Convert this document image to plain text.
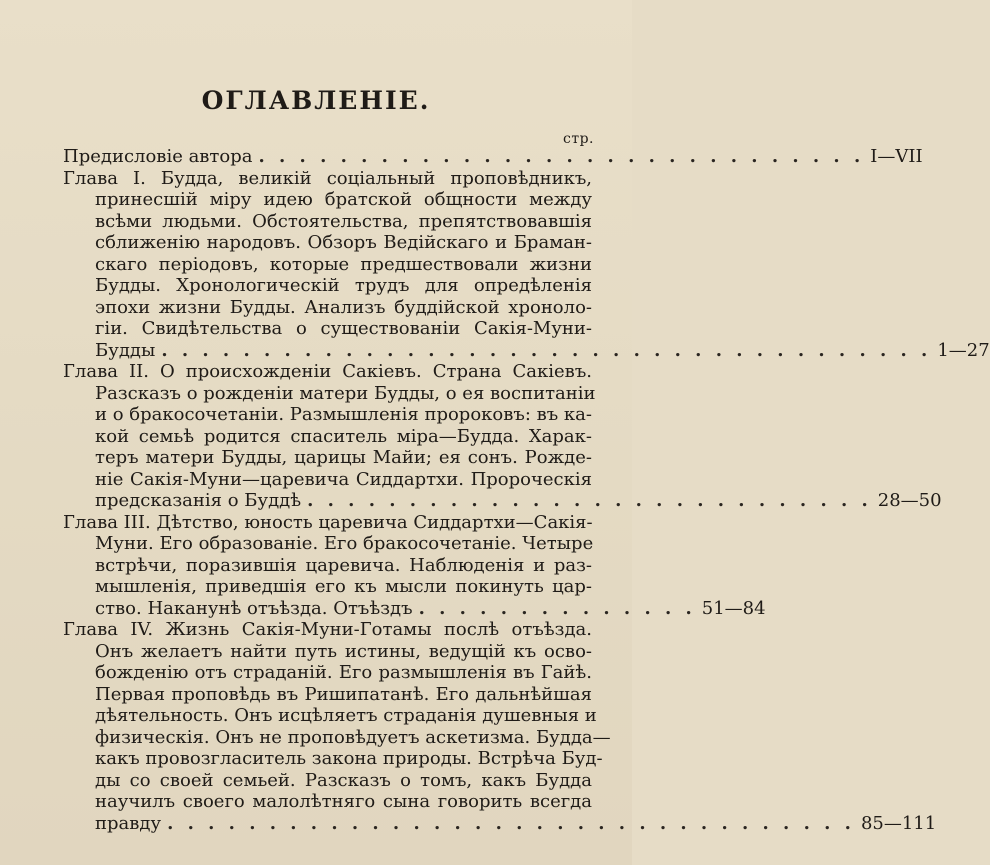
ОГЛАВЛЕНІЕ.
стр.
Предисловіе автора . . . . . . . . . . . . . . . . . . . . . . . . . . . . . . I—VII
Глава I. Будда, великій соціальный проповѣдникъ,
принесшій міру идею братской общности между
всѣми людьми. Обстоятельства, препятствовавшія
сближенію народовъ. Обзоръ Ведійскаго и Браман-
скаго періодовъ, которые предшествовали жизни
Будды. Хронологическій трудъ для опредѣленія
эпохи жизни Будды. Анализъ буддійской хроноло-
гіи. Свидѣтельства о существованіи Сакія-Муни-
Будды . . . . . . . . . . . . . . . . . . . . . . . . . . . . . . . . . . . . . . 1—27
Глава II. О происхожденіи Сакіевъ. Страна Сакіевъ.
Разсказъ о рожденіи матери Будды, о ея воспитаніи
и о бракосочетаніи. Размышленія пророковъ: въ ка-
кой семьѣ родится спаситель міра—Будда. Харак-
теръ матери Будды, царицы Майи; ея сонъ. Рожде-
ніе Сакія-Муни—царевича Сиддартхи. Пророческія
предсказанія о Буддѣ . . . . . . . . . . . . . . . . . . . . . . . . . . . . 28—50
Глава III. Дѣтство, юность царевича Сиддартхи—Сакія-
Муни. Его образованіе. Его бракосочетаніе. Четыре
встрѣчи, поразившія царевича. Наблюденія и раз-
мышленія, приведшія его къ мысли покинуть цар-
ство. Наканунѣ отъѣзда. Отъѣздъ . . . . . . . . . . . . . . 51—84
Глава IV. Жизнь Сакія-Муни-Готамы послѣ отъѣзда.
Онъ желаетъ найти путь истины, ведущій къ осво-
божденію отъ страданій. Его размышленія въ Гайѣ.
Первая проповѣдь въ Ришипатанѣ. Его дальнѣйшая
дѣятельность. Онъ исцѣляетъ страданія душевныя и
физическія. Онъ не проповѣдуетъ аскетизма. Будда—
какъ провозгласитель закона природы. Встрѣча Буд-
ды со своей семьей. Разсказъ о томъ, какъ Будда
научилъ своего малолѣтняго сына говорить всегда
правду . . . . . . . . . . . . . . . . . . . . . . . . . . . . . . . . . . 85—111
